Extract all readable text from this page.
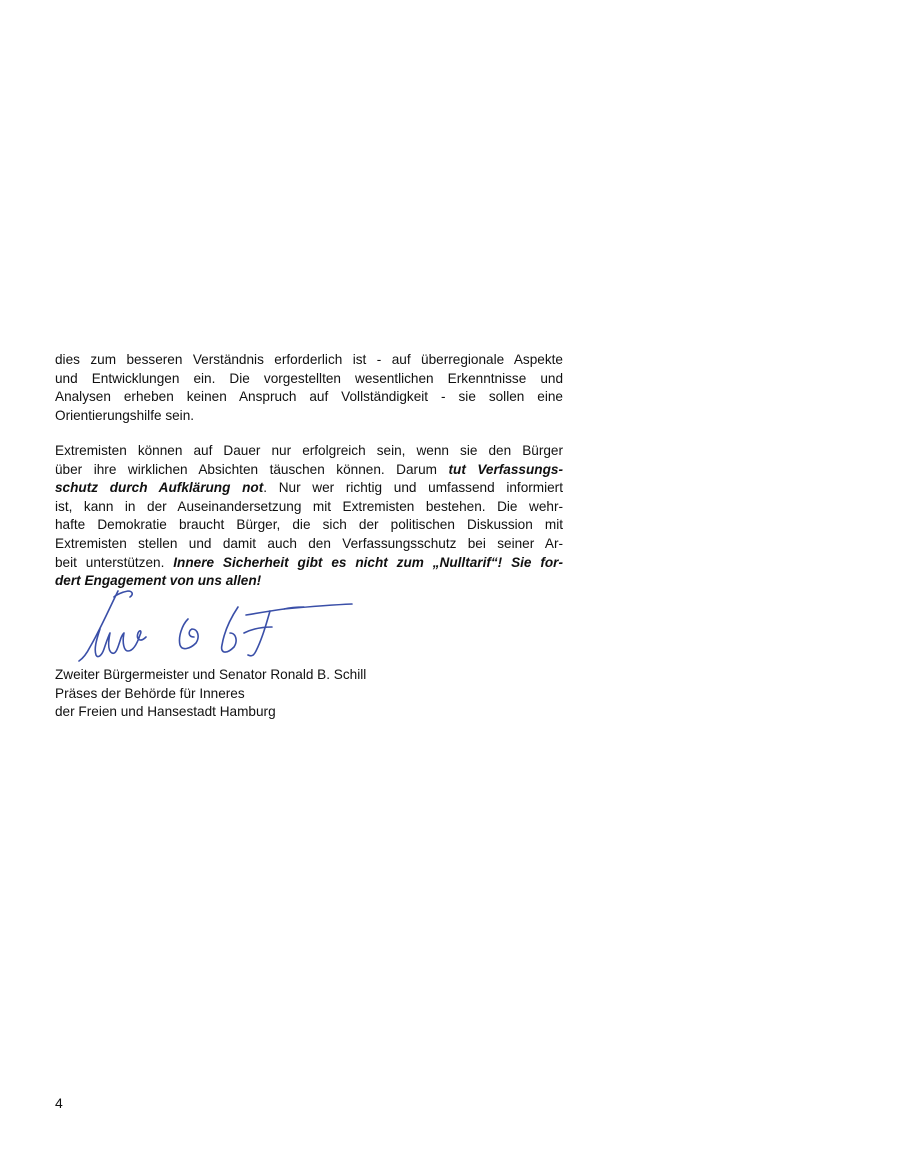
dies zum besseren Verständnis erforderlich ist - auf überregionale Aspekte
und Entwicklungen ein. Die vorgestellten wesentlichen Erkenntnisse und
Analysen erheben keinen Anspruch auf Vollständigkeit - sie sollen eine
Orientierungshilfe sein.
Extremisten können auf Dauer nur erfolgreich sein, wenn sie den Bürger
über ihre wirklichen Absichten täuschen können. Darum tut Verfassungs-
schutz durch Aufklärung not. Nur wer richtig und umfassend informiert
ist, kann in der Auseinandersetzung mit Extremisten bestehen. Die wehr-
hafte Demokratie braucht Bürger, die sich der politischen Diskussion mit
Extremisten stellen und damit auch den Verfassungsschutz bei seiner Ar-
beit unterstützen. Innere Sicherheit gibt es nicht zum „Nulltarif“! Sie for-
dert Engagement von uns allen!
Zweiter Bürgermeister und Senator Ronald B. Schill
Präses der Behörde für Inneres
der Freien und Hansestadt Hamburg
4
